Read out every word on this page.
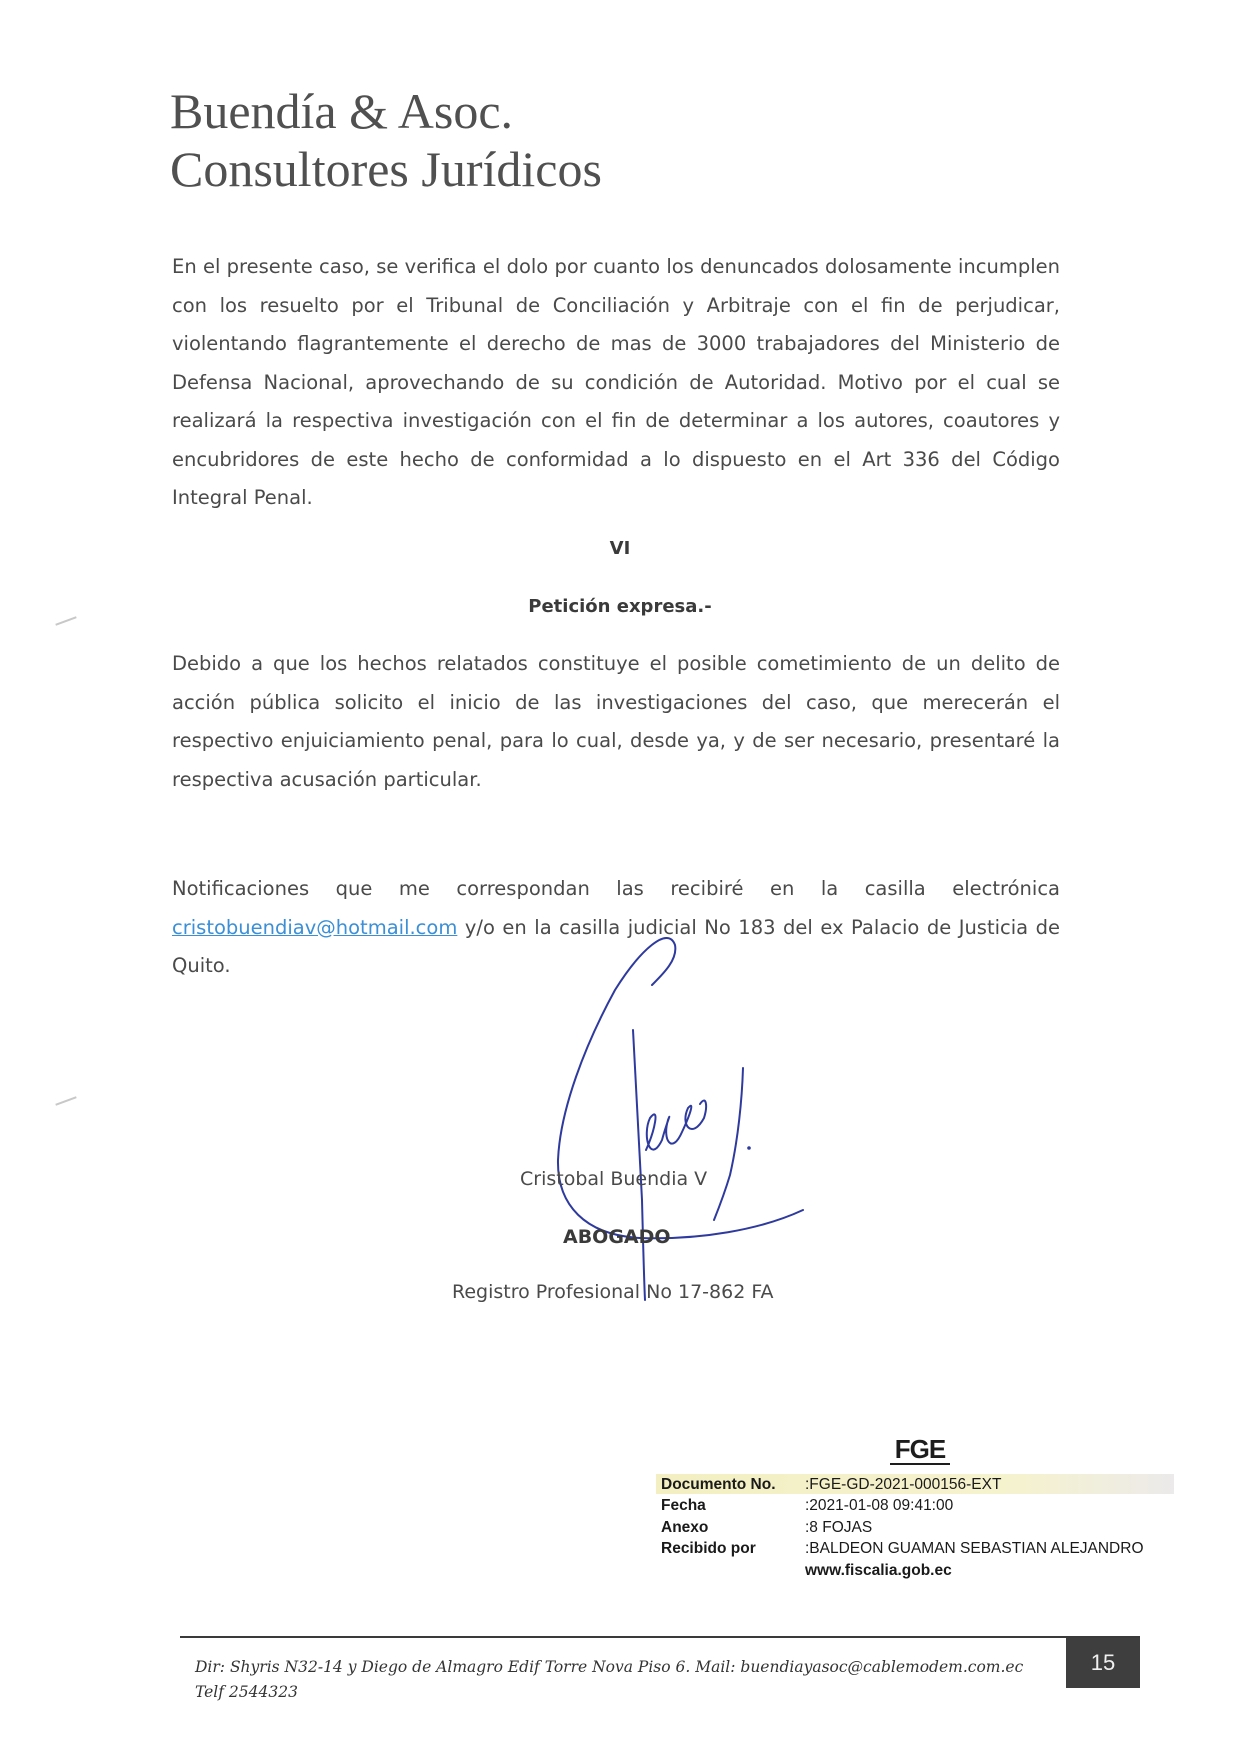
Buendía & Asoc.
Consultores Jurídicos

En el presente caso, se verifica el dolo por cuanto los denuncados dolosamente incumplen con los resuelto por el Tribunal de Conciliación y Arbitraje con el fin de perjudicar, violentando flagrantemente el derecho de mas de 3000 trabajadores del Ministerio de Defensa Nacional, aprovechando de su condición de Autoridad. Motivo por el cual se realizará la respectiva investigación con el fin de determinar a los autores, coautores y encubridores de este hecho de conformidad a lo dispuesto en el Art 336 del Código Integral Penal.

VI
Petición expresa.-

Debido a que los hechos relatados constituye el posible cometimiento de un delito de acción pública solicito el inicio de las investigaciones del caso, que merecerán el respectivo enjuiciamiento penal, para lo cual, desde ya, y de ser necesario, presentaré la respectiva acusación particular.

Notificaciones que me correspondan las recibiré en la casilla electrónica cristobuendiav@hotmail.com y/o en la casilla judicial No 183 del ex Palacio de Justicia de Quito.

Cristobal Buendia V
ABOGADO
Registro Profesional No 17-862 FA
FGE
Documento No.	:FGE-GD-2021-000156-EXT
Fecha	:2021-01-08 09:41:00
Anexo	:8 FOJAS
Recibido por	:BALDEON GUAMAN SEBASTIAN ALEJANDRO
www.fiscalia.gob.ec

Dir: Shyris N32-14 y Diego de Almagro Edif Torre Nova Piso 6. Mail: buendiayasoc@cablemodem.com.ec Telf 2544323

15
